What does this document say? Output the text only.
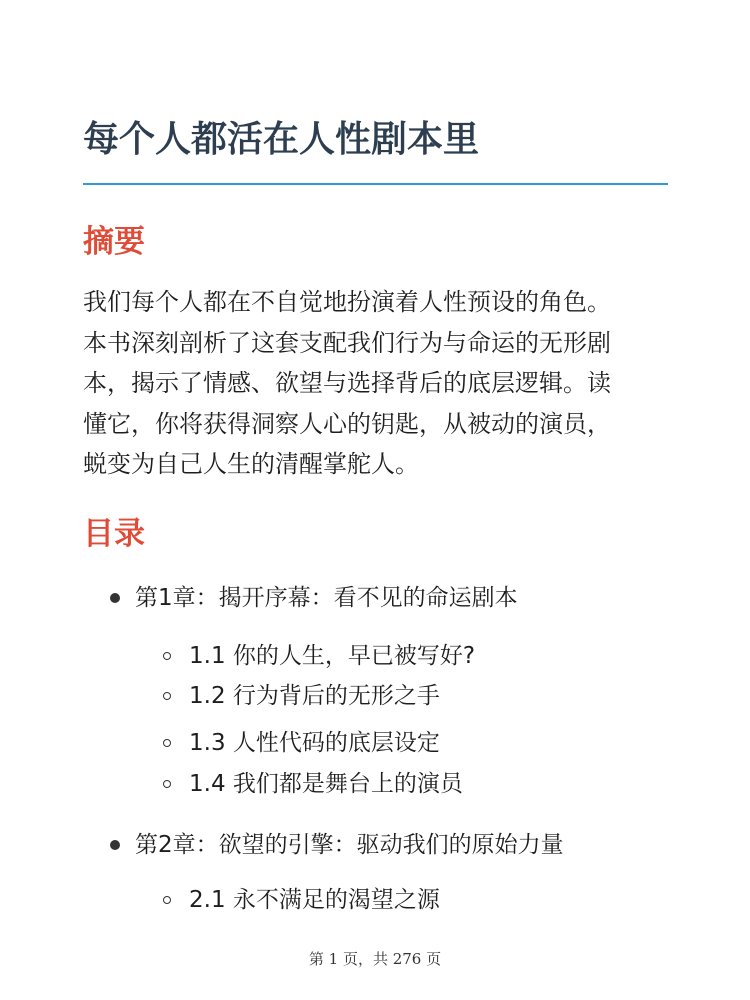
每个人都活在人性剧本里
摘要

我们每个人都在不自觉地扮演着人性预设的角色。
本书深刻剖析了这套支配我们行为与命运的无形剧
本，揭示了情感、欲望与选择背后的底层逻辑。读
懂它，你将获得洞察人心的钥匙，从被动的演员，
蜕变为自己人生的清醒掌舵人。

目录

第1章：揭开序幕：看不见的命运剧本

1.1 你的人生，早已被写好?

1.2 行为背后的无形之手

1.3 人性代码的底层设定

1.4 我们都是舞台上的演员

第2章：欲望的引擎：驱动我们的原始力量

2.1 永不满足的渴望之源

第 1 页，共 276 页
